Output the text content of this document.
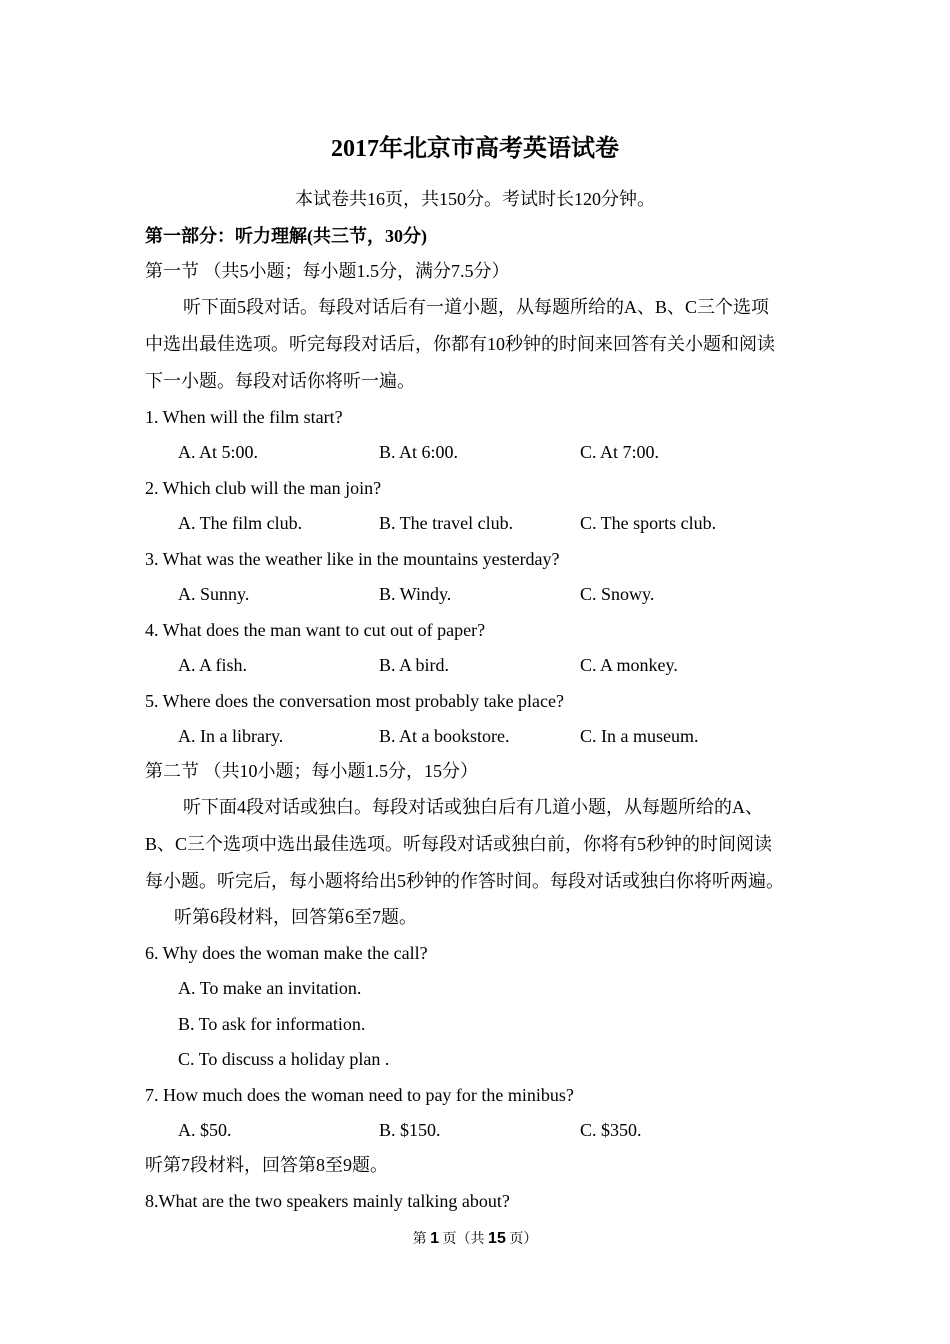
2017年北京市高考英语试卷
本试卷共16页，共150分。考试时长120分钟。
第一部分：听力理解(共三节，30分)
第一节 （共5小题；每小题1.5分，满分7.5分）
听下面5段对话。每段对话后有一道小题，从每题所给的A、B、C三个选项
中选出最佳选项。听完每段对话后，你都有10秒钟的时间来回答有关小题和阅读
下一小题。每段对话你将听一遍。
1. When will the film start?
A. At 5:00.	B. At 6:00.	C. At 7:00.
2. Which club will the man join?
A. The film club.	B. The travel club.	C. The sports club.
3. What was the weather like in the mountains yesterday?
A. Sunny.	B. Windy.	C. Snowy.
4. What does the man want to cut out of paper?
A. A fish.	B. A bird.	C. A monkey.
5. Where does the conversation most probably take place?
A. In a library.	B. At a bookstore.	C. In a museum.
第二节 （共10小题；每小题1.5分，15分）
听下面4段对话或独白。每段对话或独白后有几道小题，从每题所给的A、
B、C三个选项中选出最佳选项。听每段对话或独白前，你将有5秒钟的时间阅读
每小题。听完后，每小题将给出5秒钟的作答时间。每段对话或独白你将听两遍。
听第6段材料，回答第6至7题。
6. Why does the woman make the call?
A. To make an invitation.
B. To ask for information.
C. To discuss a holiday plan .
7. How much does the woman need to pay for the minibus?
A. $50.	B. $150.	C. $350.
听第7段材料，回答第8至9题。
8.What are the two speakers mainly talking about?
第 1 页（共 15 页）
